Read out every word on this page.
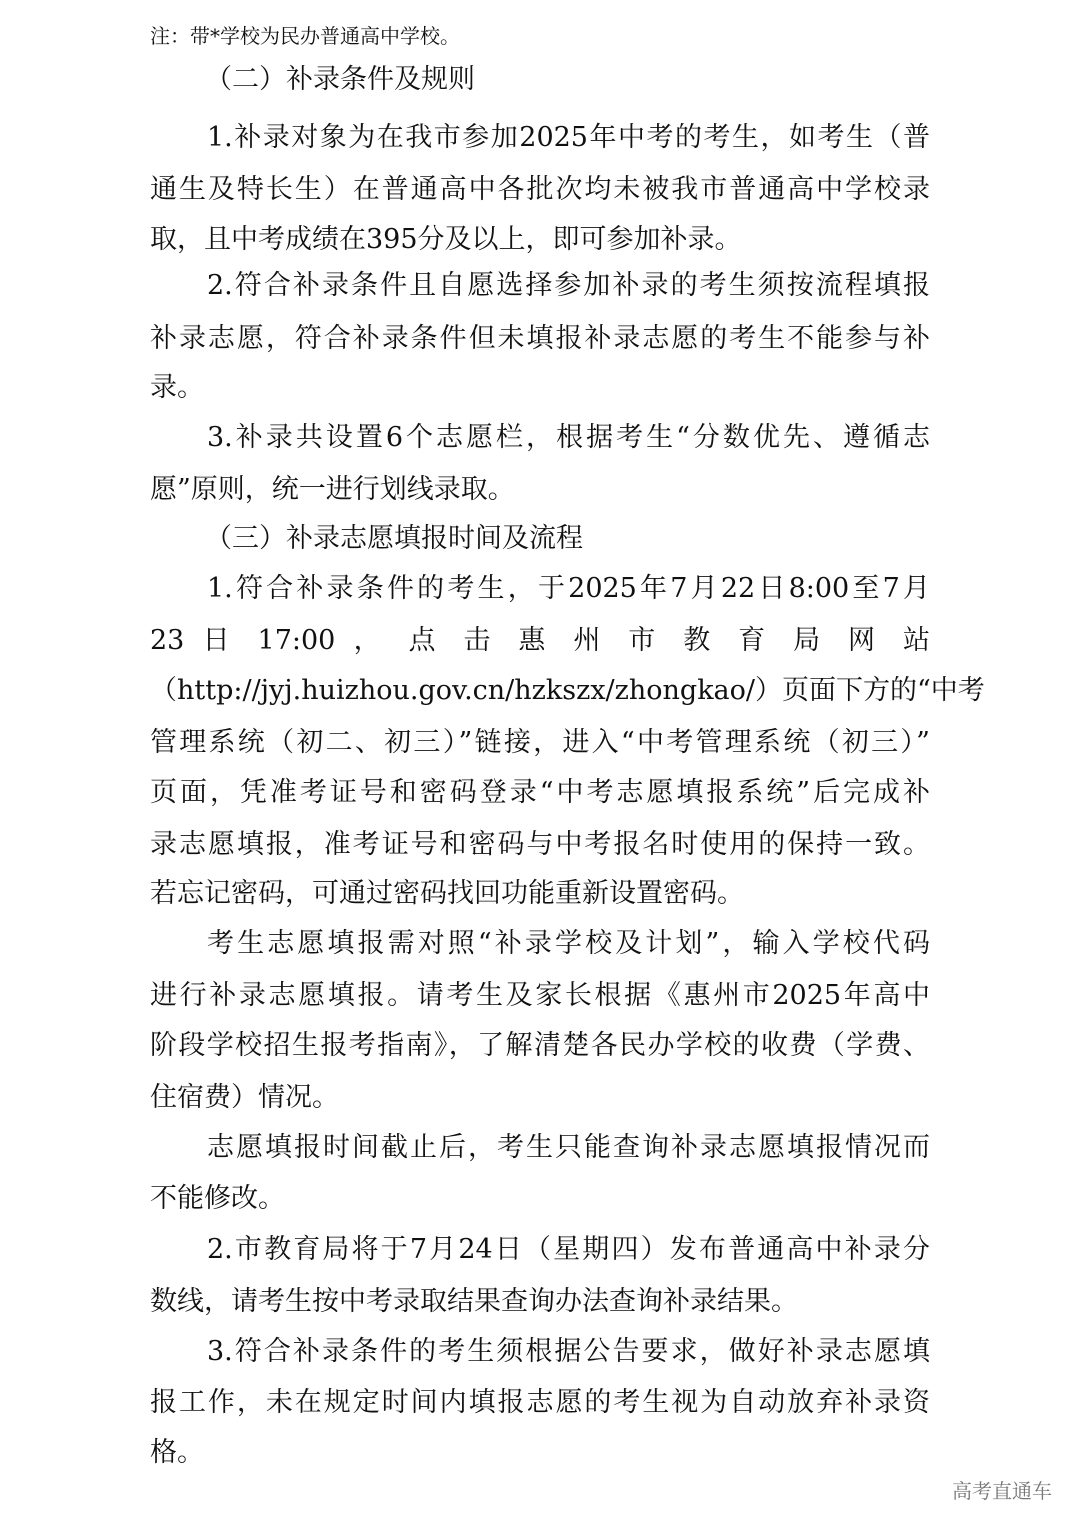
注：带*学校为民办普通高中学校。
（二）补录条件及规则
1.补录对象为在我市参加2025年中考的考生，如考生（普
通生及特长生）在普通高中各批次均未被我市普通高中学校录
取，且中考成绩在395分及以上，即可参加补录。
2.符合补录条件且自愿选择参加补录的考生须按流程填报
补录志愿，符合补录条件但未填报补录志愿的考生不能参与补
录。
3.补录共设置6个志愿栏，根据考生“分数优先、遵循志
愿”原则，统一进行划线录取。
（三）补录志愿填报时间及流程
1.符合补录条件的考生，于2025年7月22日8:00至7月
23 日 17:00 ， 点 击 惠 州 市 教 育 局 网 站
（http://jyj.huizhou.gov.cn/hzkszx/zhongkao/）页面下方的“中考
管理系统（初二、初三）”链接，进入“中考管理系统（初三）”
页面，凭准考证号和密码登录“中考志愿填报系统”后完成补
录志愿填报，准考证号和密码与中考报名时使用的保持一致。
若忘记密码，可通过密码找回功能重新设置密码。
考生志愿填报需对照“补录学校及计划”，输入学校代码
进行补录志愿填报。请考生及家长根据《惠州市2025年高中
阶段学校招生报考指南》，了解清楚各民办学校的收费（学费、
住宿费）情况。
志愿填报时间截止后，考生只能查询补录志愿填报情况而
不能修改。
2.市教育局将于7月24日（星期四）发布普通高中补录分
数线，请考生按中考录取结果查询办法查询补录结果。
3.符合补录条件的考生须根据公告要求，做好补录志愿填
报工作，未在规定时间内填报志愿的考生视为自动放弃补录资
格。
高考直通车
